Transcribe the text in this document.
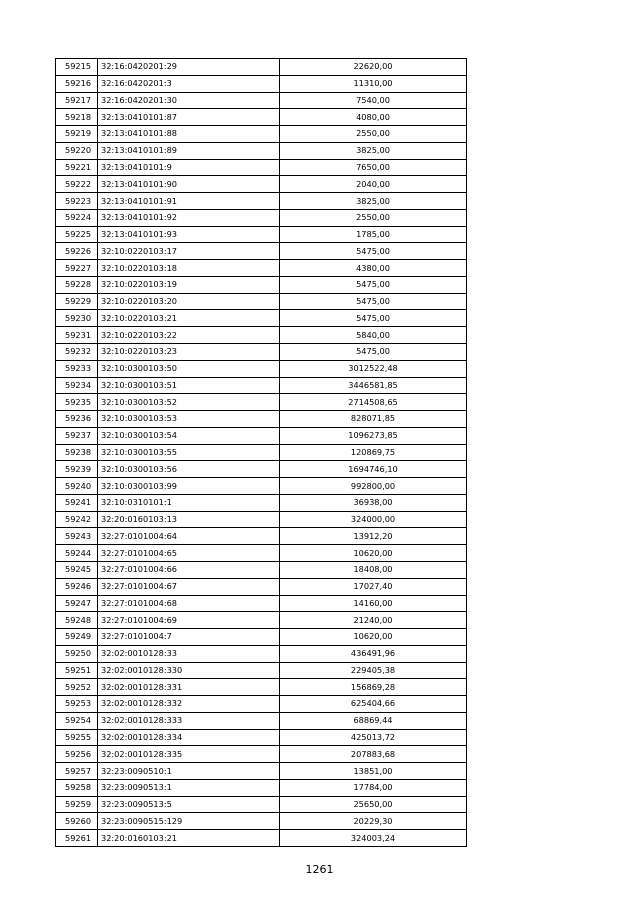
59215	32:16:0420201:29	22620,00
59216	32:16:0420201:3	11310,00
59217	32:16:0420201:30	7540,00
59218	32:13:0410101:87	4080,00
59219	32:13:0410101:88	2550,00
59220	32:13:0410101:89	3825,00
59221	32:13:0410101:9	7650,00
59222	32:13:0410101:90	2040,00
59223	32:13:0410101:91	3825,00
59224	32:13:0410101:92	2550,00
59225	32:13:0410101:93	1785,00
59226	32:10:0220103:17	5475,00
59227	32:10:0220103:18	4380,00
59228	32:10:0220103:19	5475,00
59229	32:10:0220103:20	5475,00
59230	32:10:0220103:21	5475,00
59231	32:10:0220103:22	5840,00
59232	32:10:0220103:23	5475,00
59233	32:10:0300103:50	3012522,48
59234	32:10:0300103:51	3446581,85
59235	32:10:0300103:52	2714508,65
59236	32:10:0300103:53	828071,85
59237	32:10:0300103:54	1096273,85
59238	32:10:0300103:55	120869,75
59239	32:10:0300103:56	1694746,10
59240	32:10:0300103:99	992800,00
59241	32:10:0310101:1	36938,00
59242	32:20:0160103:13	324000,00
59243	32:27:0101004:64	13912,20
59244	32:27:0101004:65	10620,00
59245	32:27:0101004:66	18408,00
59246	32:27:0101004:67	17027,40
59247	32:27:0101004:68	14160,00
59248	32:27:0101004:69	21240,00
59249	32:27:0101004:7	10620,00
59250	32:02:0010128:33	436491,96
59251	32:02:0010128:330	229405,38
59252	32:02:0010128:331	156869,28
59253	32:02:0010128:332	625404,66
59254	32:02:0010128:333	68869,44
59255	32:02:0010128:334	425013,72
59256	32:02:0010128:335	207883,68
59257	32:23:0090510:1	13851,00
59258	32:23:0090513:1	17784,00
59259	32:23:0090513:5	25650,00
59260	32:23:0090515:129	20229,30
59261	32:20:0160103:21	324003,24
1261
